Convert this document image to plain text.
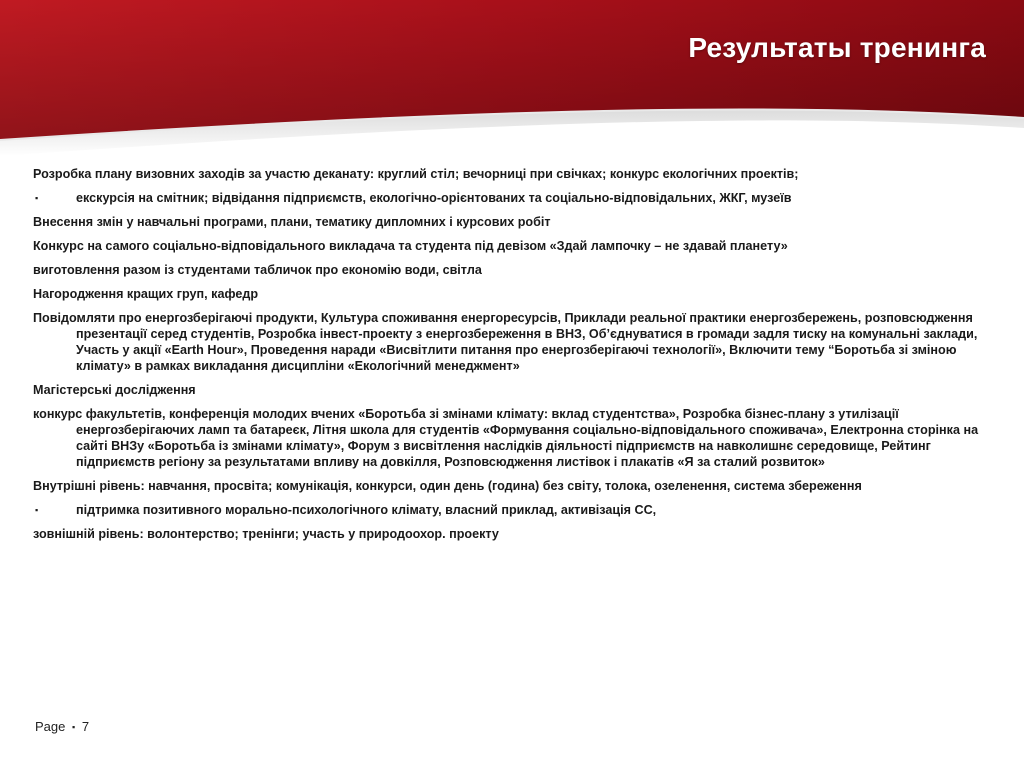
Результаты тренинга
Розробка плану визовних заходів за участю деканату: круглий стіл; вечорниці при свічках; конкурс екологічних проектів;
▪	екскурсія на смітник; відвідання підприємств, екологічно-орієнтованих та соціально-відповідальних, ЖКГ, музеїв
Внесення змін у навчальні програми, плани, тематику дипломних і курсових робіт
Конкурс на самого соціально-відповідального викладача та студента під девізом «Здай лампочку – не здавай планету»
виготовлення разом із студентами табличок про економію води, світла
Нагородження кращих груп, кафедр
Повідомляти про енергозберігаючі продукти, Культура споживання енергоресурсів, Приклади реальної практики енергозбережень, розповсюдження презентації серед студентів, Розробка інвест-проекту з енергозбереження в ВНЗ, Об’єднуватися в громади задля тиску на комунальні заклади, Участь у акції «Earth Hour», Проведення наради «Висвітлити питання про енергозберігаючі технології», Включити тему “Боротьба зі зміною клімату» в рамках викладання дисципліни «Екологічний менеджмент»
Магістерські дослідження
конкурс факультетів, конференція молодих вчених «Боротьба зі змінами клімату: вклад студентства», Розробка бізнес-плану з утилізації енергозберігаючих ламп та батареєк, Літня школа для студентів «Формування соціально-відповідального споживача», Електронна сторінка на сайті ВНЗу «Боротьба із змінами клімату», Форум з висвітлення наслідків діяльності підприємств на навколишнє середовище, Рейтинг підприємств регіону за результатами впливу на довкілля, Розповсюдження листівок і плакатів «Я за сталий розвиток»
Внутрішні рівень: навчання, просвіта; комунікація, конкурси, один день (година) без світу, толока, озеленення, система збереження
▪	підтримка позитивного морально-психологічного клімату, власний приклад, активізація СС,
зовнішній рівень: волонтерство; тренінги; участь у природоохор. проекту
Page ▪ 7
